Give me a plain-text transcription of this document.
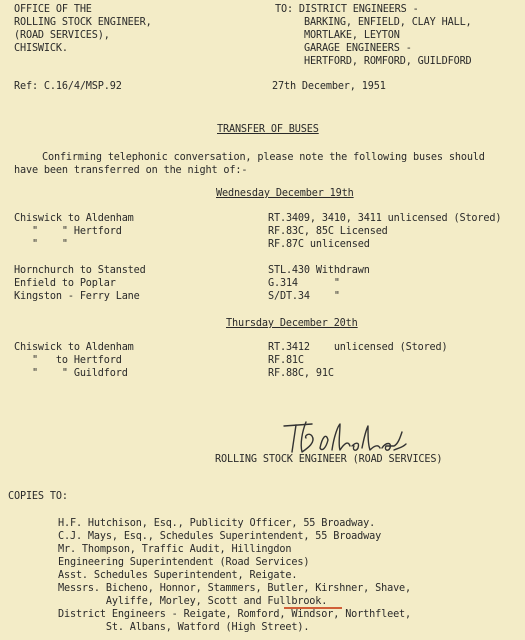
OFFICE OF THE
ROLLING STOCK ENGINEER,
(ROAD SERVICES),
CHISWICK.
TO: DISTRICT ENGINEERS -
BARKING, ENFIELD, CLAY HALL,
MORTLAKE, LEYTON
GARAGE ENGINEERS -
HERTFORD, ROMFORD, GUILDFORD
Ref: C.16/4/MSP.92	27th December, 1951
TRANSFER OF BUSES
Confirming telephonic conversation, please note the following buses should
have been transferred on the night of:-
Wednesday December 19th
Chiswick to Aldenham	RT.3409, 3410, 3411 unlicensed (Stored)
"    " Hertford	RF.83C, 85C Licensed
"    "	RF.87C unlicensed
Hornchurch to Stansted	STL.430 Withdrawn
Enfield to Poplar	G.314      "
Kingston - Ferry Lane	S/DT.34    "
Thursday December 20th
Chiswick to Aldenham	RT.3412    unlicensed (Stored)
"   to Hertford	RF.81C
"    " Guildford	RF.88C, 91C
ROLLING STOCK ENGINEER (ROAD SERVICES)
COPIES TO:
H.F. Hutchison, Esq., Publicity Officer, 55 Broadway.
C.J. Mays, Esq., Schedules Superintendent, 55 Broadway
Mr. Thompson, Traffic Audit, Hillingdon
Engineering Superintendent (Road Services)
Asst. Schedules Superintendent, Reigate.
Messrs. Bicheno, Honnor, Stammers, Butler, Kirshner, Shave,
Ayliffe, Morley, Scott and Fullbrook.
District Engineers - Reigate, Romford, Windsor, Northfleet,
St. Albans, Watford (High Street).
